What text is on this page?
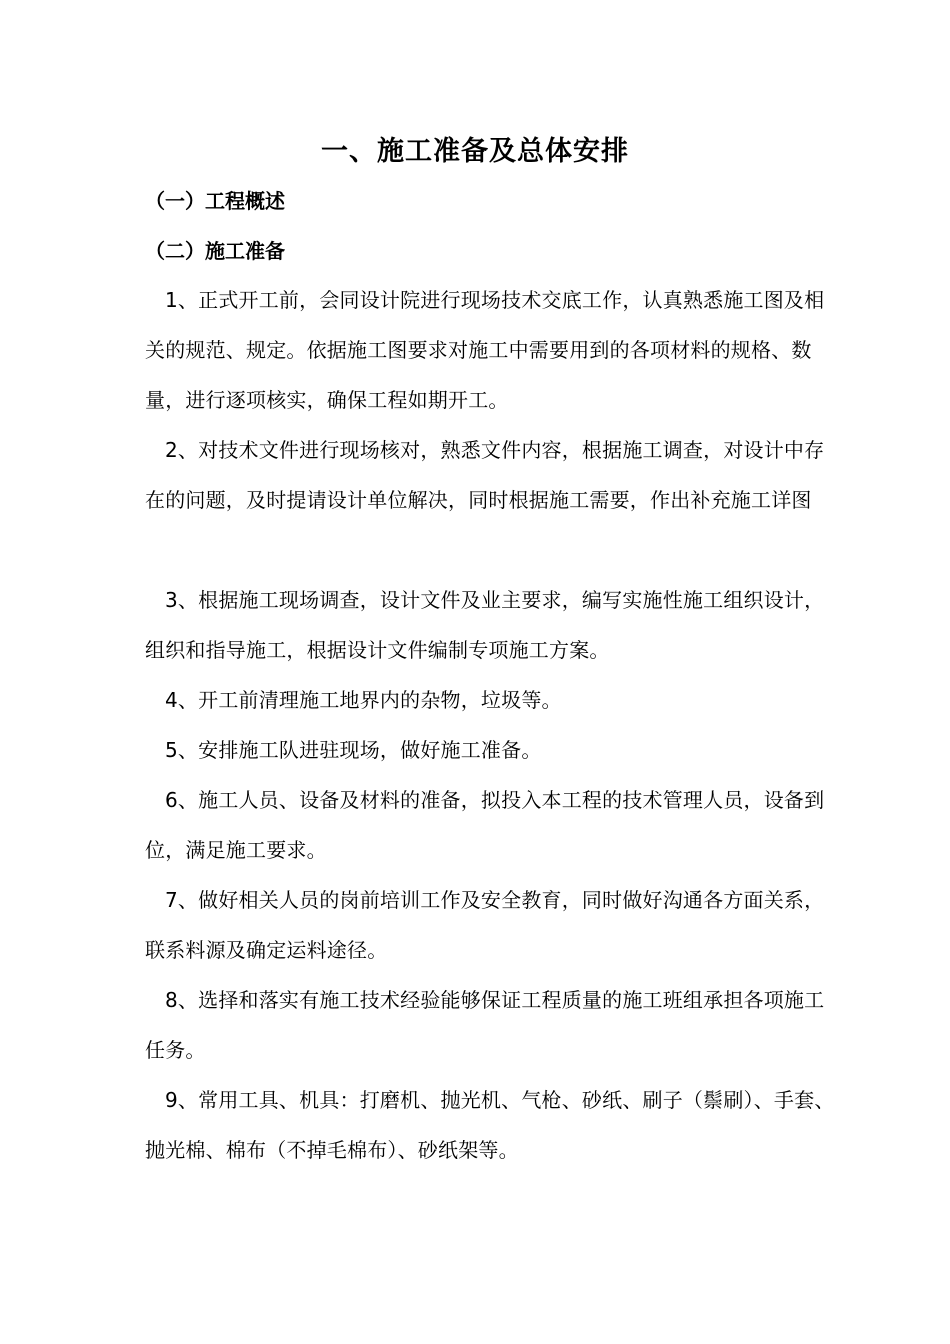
一、施工准备及总体安排
（一）工程概述
（二）施工准备

1、正式开工前，会同设计院进行现场技术交底工作，认真熟悉施工图及相关的规范、规定。依据施工图要求对施工中需要用到的各项材料的规格、数量，进行逐项核实，确保工程如期开工。

2、对技术文件进行现场核对，熟悉文件内容，根据施工调查，对设计中存在的问题，及时提请设计单位解决，同时根据施工需要，作出补充施工详图

3、根据施工现场调查，设计文件及业主要求，编写实施性施工组织设计，组织和指导施工，根据设计文件编制专项施工方案。

4、开工前清理施工地界内的杂物，垃圾等。

5、安排施工队进驻现场，做好施工准备。

6、施工人员、设备及材料的准备，拟投入本工程的技术管理人员，设备到位，满足施工要求。

7、做好相关人员的岗前培训工作及安全教育，同时做好沟通各方面关系，联系料源及确定运料途径。

8、选择和落实有施工技术经验能够保证工程质量的施工班组承担各项施工任务。

9、常用工具、机具：打磨机、抛光机、气枪、砂纸、刷子（鬃刷）、手套、抛光棉、棉布（不掉毛棉布）、砂纸架等。
